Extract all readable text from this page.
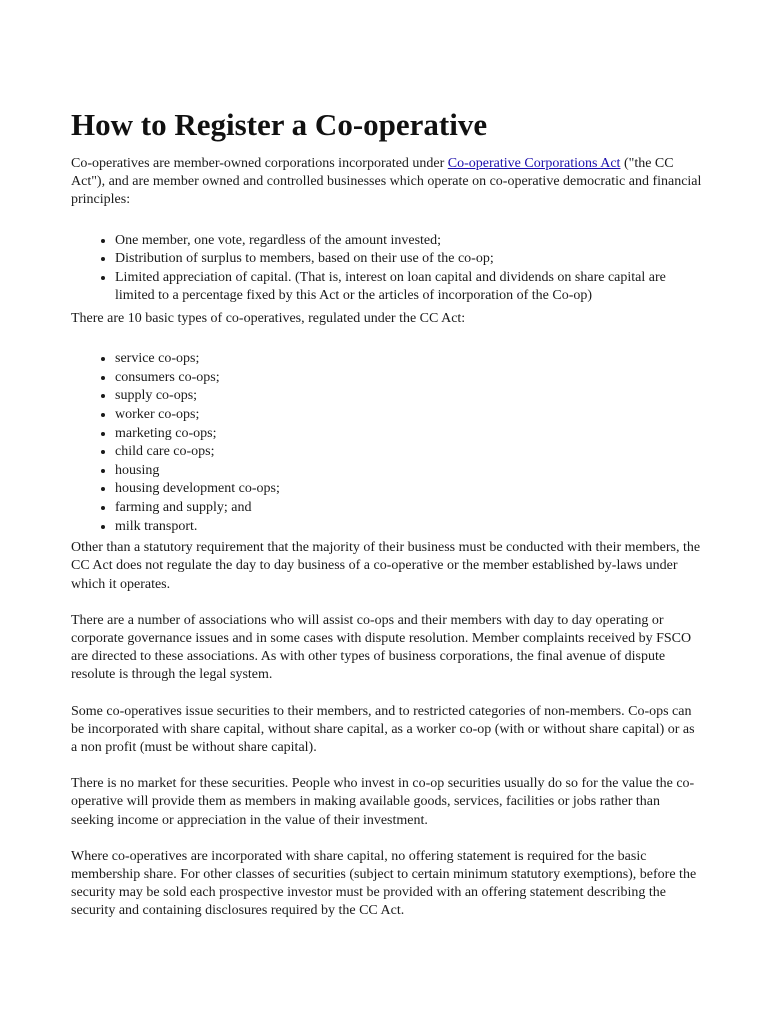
How to Register a Co-operative

Co-operatives are member-owned corporations incorporated under Co-operative Corporations Act ("the CC Act"), and are member owned and controlled businesses which operate on co-operative democratic and financial principles:

• One member, one vote, regardless of the amount invested;
• Distribution of surplus to members, based on their use of the co-op;
• Limited appreciation of capital. (That is, interest on loan capital and dividends on share capital are limited to a percentage fixed by this Act or the articles of incorporation of the Co-op)

There are 10 basic types of co-operatives, regulated under the CC Act:

• service co-ops;
• consumers co-ops;
• supply co-ops;
• worker co-ops;
• marketing co-ops;
• child care co-ops;
• housing
• housing development co-ops;
• farming and supply; and
• milk transport.

Other than a statutory requirement that the majority of their business must be conducted with their members, the CC Act does not regulate the day to day business of a co-operative or the member established by-laws under which it operates.

There are a number of associations who will assist co-ops and their members with day to day operating or corporate governance issues and in some cases with dispute resolution. Member complaints received by FSCO are directed to these associations. As with other types of business corporations, the final avenue of dispute resolute is through the legal system.

Some co-operatives issue securities to their members, and to restricted categories of non-members. Co-ops can be incorporated with share capital, without share capital, as a worker co-op (with or without share capital) or as a non profit (must be without share capital).

There is no market for these securities. People who invest in co-op securities usually do so for the value the co-operative will provide them as members in making available goods, services, facilities or jobs rather than seeking income or appreciation in the value of their investment.

Where co-operatives are incorporated with share capital, no offering statement is required for the basic membership share. For other classes of securities (subject to certain minimum statutory exemptions), before the security may be sold each prospective investor must be provided with an offering statement describing the security and containing disclosures required by the CC Act.
